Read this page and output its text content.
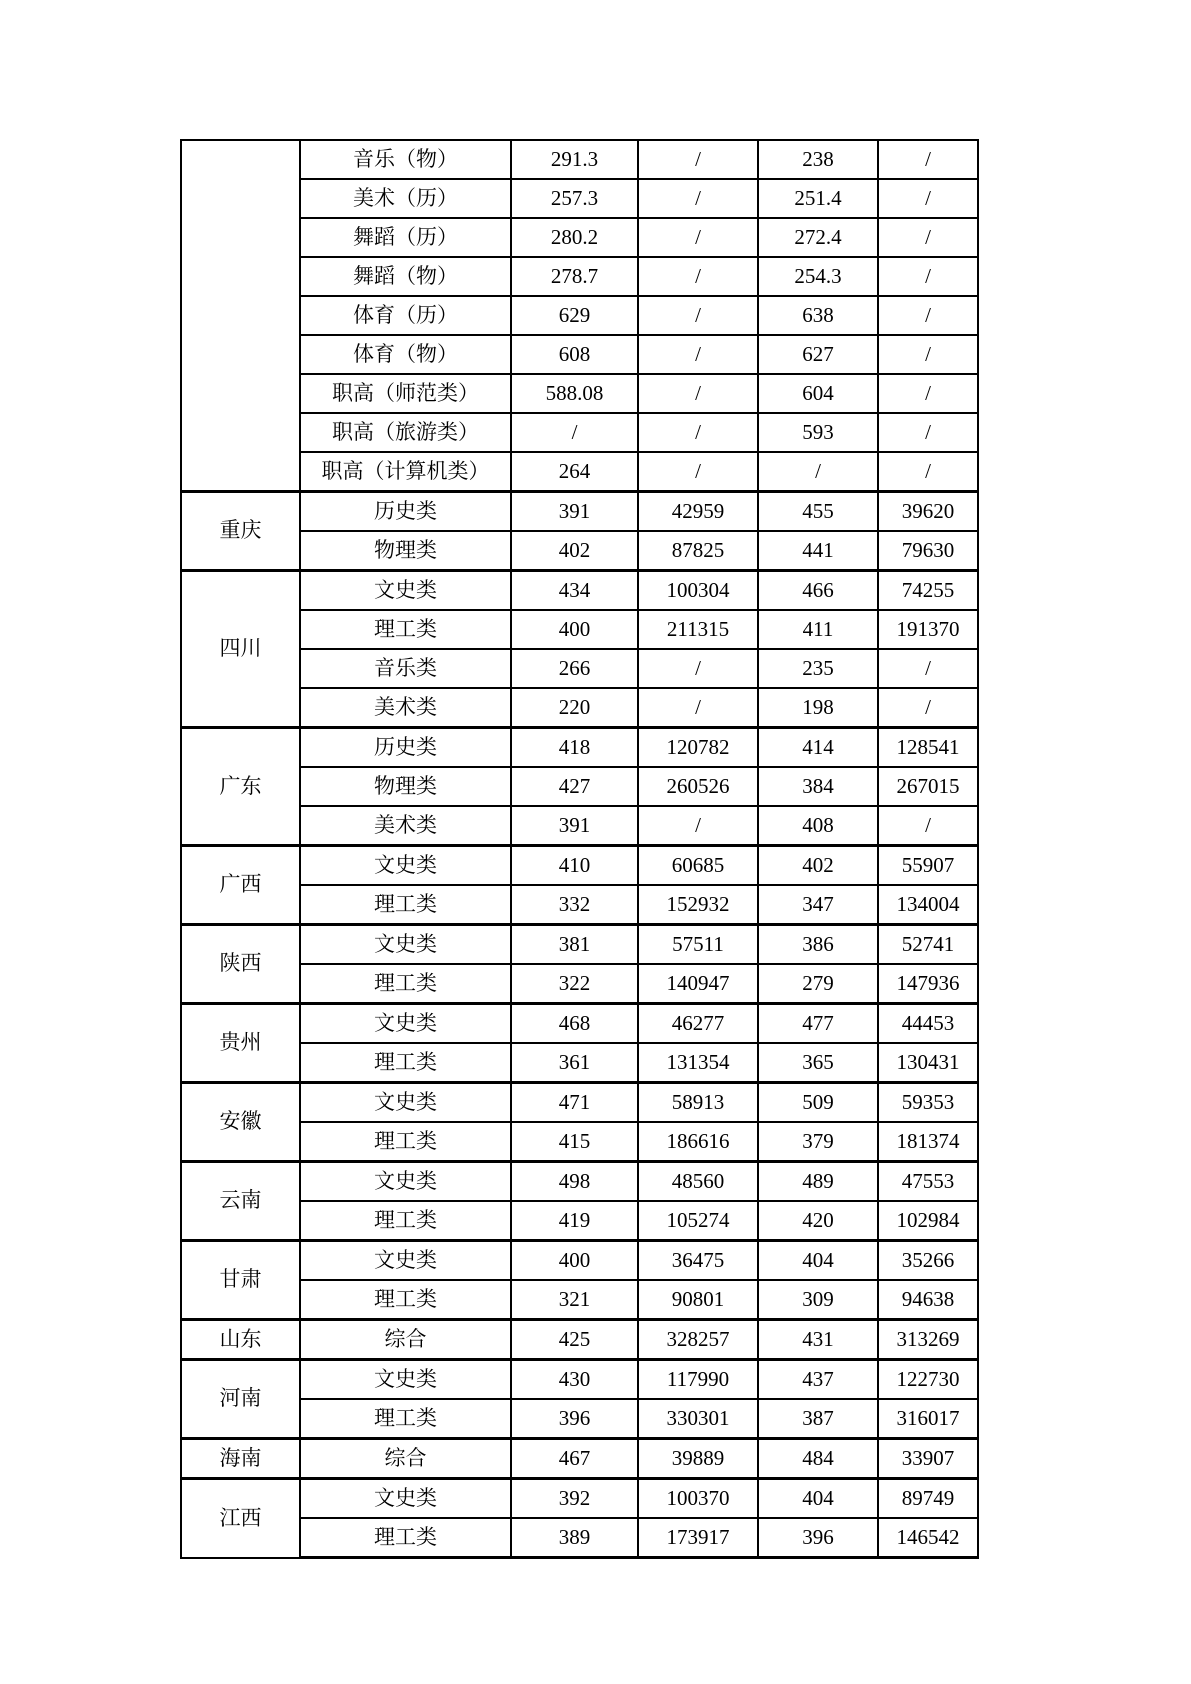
	音乐（物）	291.3	/	238	/
	美术（历）	257.3	/	251.4	/
	舞蹈（历）	280.2	/	272.4	/
	舞蹈（物）	278.7	/	254.3	/
	体育（历）	629	/	638	/
	体育（物）	608	/	627	/
	职高（师范类）	588.08	/	604	/
	职高（旅游类）	/	/	593	/
	职高（计算机类）	264	/	/	/
重庆	历史类	391	42959	455	39620
	物理类	402	87825	441	79630
四川	文史类	434	100304	466	74255
	理工类	400	211315	411	191370
	音乐类	266	/	235	/
	美术类	220	/	198	/
广东	历史类	418	120782	414	128541
	物理类	427	260526	384	267015
	美术类	391	/	408	/
广西	文史类	410	60685	402	55907
	理工类	332	152932	347	134004
陕西	文史类	381	57511	386	52741
	理工类	322	140947	279	147936
贵州	文史类	468	46277	477	44453
	理工类	361	131354	365	130431
安徽	文史类	471	58913	509	59353
	理工类	415	186616	379	181374
云南	文史类	498	48560	489	47553
	理工类	419	105274	420	102984
甘肃	文史类	400	36475	404	35266
	理工类	321	90801	309	94638
山东	综合	425	328257	431	313269
河南	文史类	430	117990	437	122730
	理工类	396	330301	387	316017
海南	综合	467	39889	484	33907
江西	文史类	392	100370	404	89749
	理工类	389	173917	396	146542
